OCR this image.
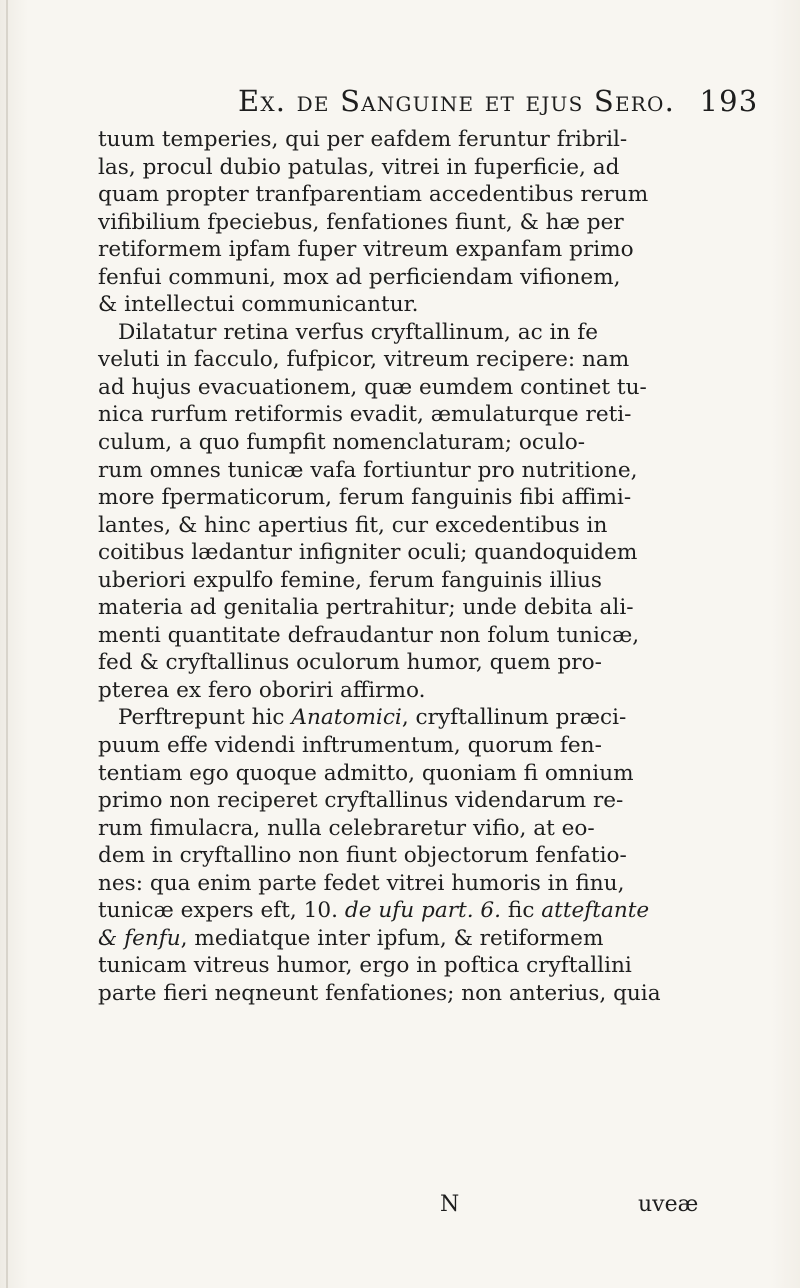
Ex. de Sanguine et ejus Sero. 193
tuum temperies, qui per eafdem feruntur fribril-
las, procul dubio patulas, vitrei in fuperficie, ad
quam propter tranfparentiam accedentibus rerum
vifibilium fpeciebus, fenfationes fiunt, & hæ per
retiformem ipfam fuper vitreum expanfam primo
fenfui communi, mox ad perficiendam vifionem,
& intellectui communicantur.
Dilatatur retina verfus cryftallinum, ac in fe
veluti in facculo, fufpicor, vitreum recipere: nam
ad hujus evacuationem, quæ eumdem continet tu-
nica rurfum retiformis evadit, æmulaturque reti-
culum, a quo fumpfit nomenclaturam; oculo-
rum omnes tunicæ vafa fortiuntur pro nutritione,
more fpermaticorum, ferum fanguinis fibi affimi-
lantes, & hinc apertius fit, cur excedentibus in
coitibus lædantur infigniter oculi; quandoquidem
uberiori expulfo femine, ferum fanguinis illius
materia ad genitalia pertrahitur; unde debita ali-
menti quantitate defraudantur non folum tunicæ,
fed & cryftallinus oculorum humor, quem pro-
pterea ex fero oboriri affirmo.
Perftrepunt hic Anatomici, cryftallinum præci-
puum effe videndi inftrumentum, quorum fen-
tentiam ego quoque admitto, quoniam fi omnium
primo non reciperet cryftallinus videndarum re-
rum fimulacra, nulla celebraretur vifio, at eo-
dem in cryftallino non fiunt objectorum fenfatio-
nes: qua enim parte fedet vitrei humoris in finu,
tunicæ expers eft, 10. de ufu part. 6. fic atteftante
& fenfu, mediatque inter ipfum, & retiformem
tunicam vitreus humor, ergo in poftica cryftallini
parte fieri neqneunt fenfationes; non anterius, quia
N	uveæ
